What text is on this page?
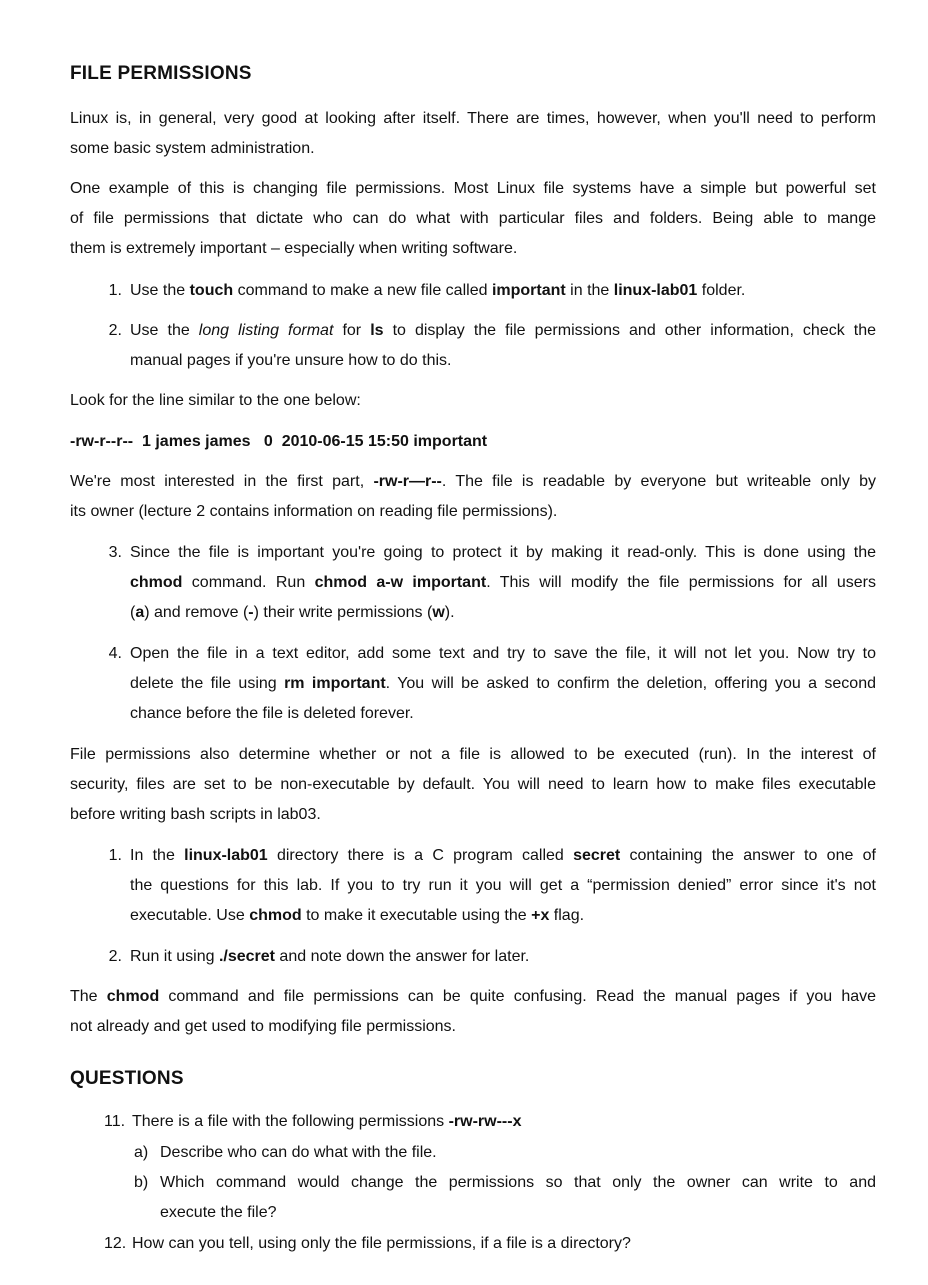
FILE PERMISSIONS
Linux is, in general, very good at looking after itself. There are times, however, when you'll need to perform
some basic system administration.
One example of this is changing file permissions. Most Linux file systems have a simple but powerful set
of file permissions that dictate who can do what with particular files and folders. Being able to mange
them is extremely important – especially when writing software.
1. Use the touch command to make a new file called important in the linux-lab01 folder.
2. Use the long listing format for ls to display the file permissions and other information, check the
manual pages if you're unsure how to do this.
Look for the line similar to the one below:
-rw-r--r-- 1 james james 0 2010-06-15 15:50 important
We're most interested in the first part, -rw-r—r--. The file is readable by everyone but writeable only by
its owner (lecture 2 contains information on reading file permissions).
3. Since the file is important you're going to protect it by making it read-only. This is done using the
chmod command. Run chmod a-w important. This will modify the file permissions for all users
(a) and remove (-) their write permissions (w).
4. Open the file in a text editor, add some text and try to save the file, it will not let you. Now try to
delete the file using rm important. You will be asked to confirm the deletion, offering you a second
chance before the file is deleted forever.
File permissions also determine whether or not a file is allowed to be executed (run). In the interest of
security, files are set to be non-executable by default. You will need to learn how to make files executable
before writing bash scripts in lab03.
1. In the linux-lab01 directory there is a C program called secret containing the answer to one of
the questions for this lab. If you to try run it you will get a “permission denied” error since it's not
executable. Use chmod to make it executable using the +x flag.
2. Run it using ./secret and note down the answer for later.
The chmod command and file permissions can be quite confusing. Read the manual pages if you have
not already and get used to modifying file permissions.
QUESTIONS
11. There is a file with the following permissions -rw-rw---x
a) Describe who can do what with the file.
b) Which command would change the permissions so that only the owner can write to and
execute the file?
12. How can you tell, using only the file permissions, if a file is a directory?
